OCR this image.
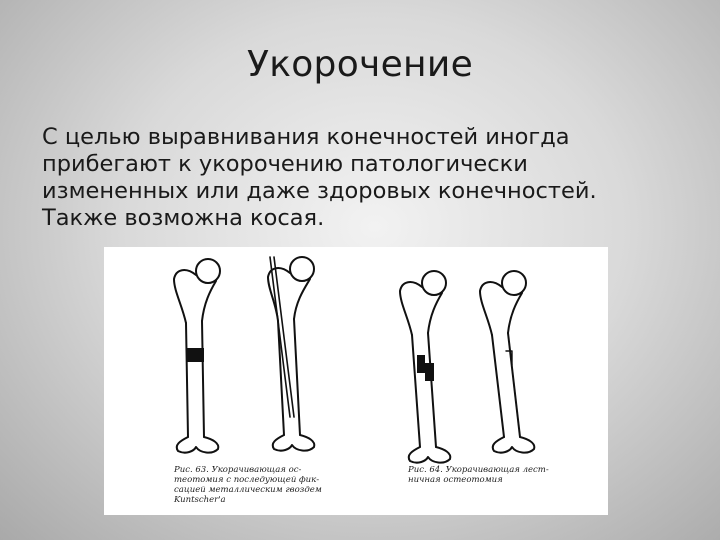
Укорочение
С целью выравнивания конечностей иногда
прибегают к укорочению патологически
измененных или даже здоровых конечностей.
Также возможна косая.
Рис. 63. Укорачивающая ос-
теотомия с последующей фик-
сацией металлическим гвоздем
Kuntscher'a
Рис. 64. Укорачивающая лест-
ничная остеотомия
